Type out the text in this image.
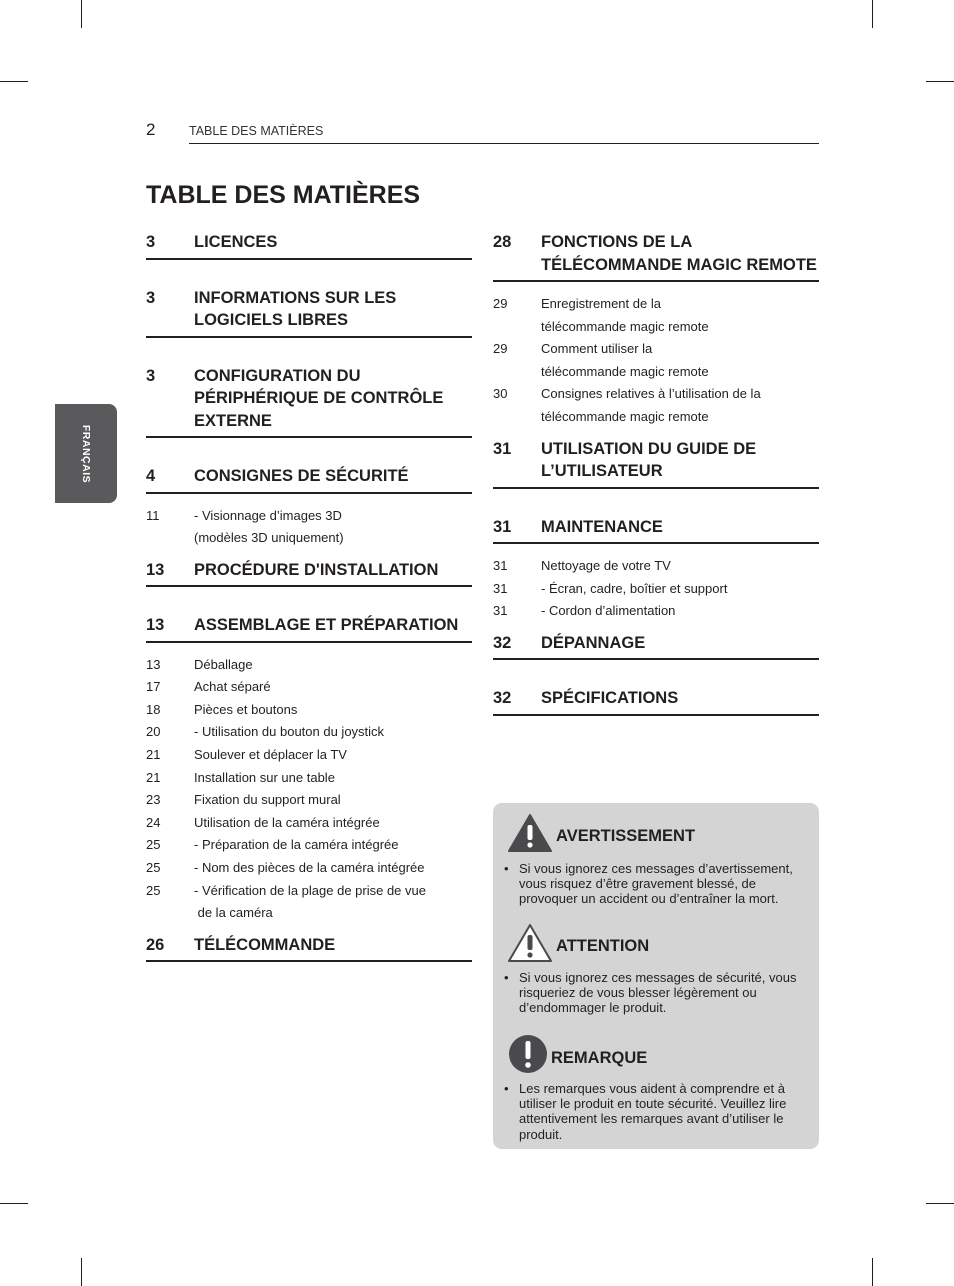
2	TABLE DES MATIÈRES
TABLE DES MATIÈRES
FRANÇAIS
3	LICENCES
3	INFORMATIONS SUR LES LOGICIELS LIBRES
3	CONFIGURATION DU PÉRIPHÉRIQUE DE CONTRÔLE EXTERNE
4	CONSIGNES DE SÉCURITÉ
11	- Visionnage d’images 3D
(modèles 3D uniquement)
13	PROCÉDURE D'INSTALLATION
13	ASSEMBLAGE ET PRÉPARATION
13	Déballage
17	Achat séparé
18	Pièces et boutons
20	- Utilisation du bouton du joystick
21	Soulever et déplacer la TV
21	Installation sur une table
23	Fixation du support mural
24	Utilisation de la caméra intégrée
25	- Préparation de la caméra intégrée
25	- Nom des pièces de la caméra intégrée
25	- Vérification de la plage de prise de vue
de la caméra
26	TÉLÉCOMMANDE
28	FONCTIONS DE LA TÉLÉCOMMANDE MAGIC REMOTE
29	Enregistrement de la
télécommande magic remote
29	Comment utiliser la
télécommande magic remote
30	Consignes relatives à l’utilisation de la
télécommande magic remote
31	UTILISATION DU GUIDE DE L’UTILISATEUR
31	MAINTENANCE
31	Nettoyage de votre TV
31	- Écran, cadre, boîtier et support
31	- Cordon d’alimentation
32	DÉPANNAGE
32	SPÉCIFICATIONS
AVERTISSEMENT
• Si vous ignorez ces messages d’avertissement, vous risquez d’être gravement blessé, de provoquer un accident ou d’entraîner la mort.
ATTENTION
• Si vous ignorez ces messages de sécurité, vous risqueriez de vous blesser légèrement ou d’endommager le produit.
REMARQUE
• Les remarques vous aident à comprendre et à utiliser le produit en toute sécurité. Veuillez lire attentivement les remarques avant d’utiliser le produit.
